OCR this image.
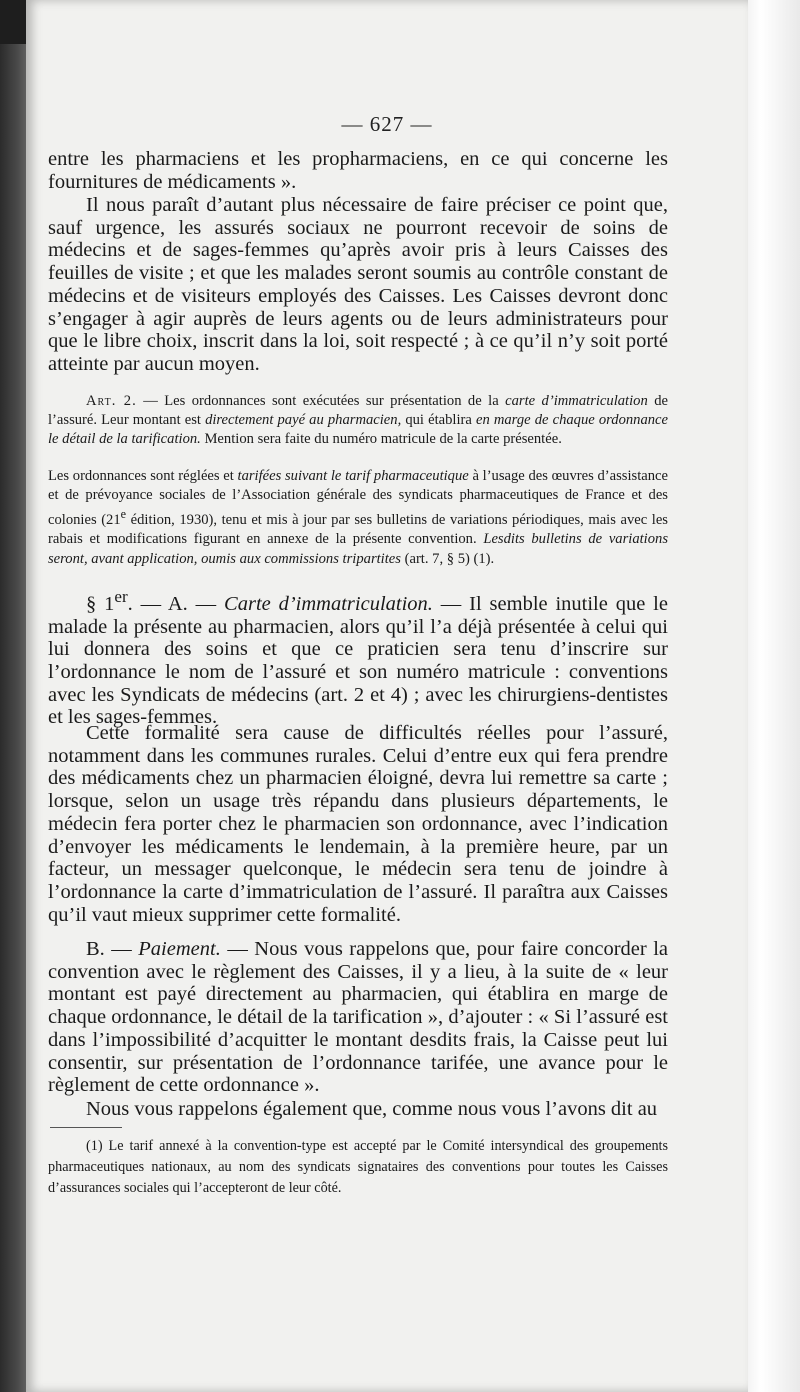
— 627 —

entre les pharmaciens et les propharmaciens, en ce qui concerne les fournitures de médicaments ».

Il nous paraît d’autant plus nécessaire de faire préciser ce point que, sauf urgence, les assurés sociaux ne pourront recevoir de soins de médecins et de sages-femmes qu’après avoir pris à leurs Caisses des feuilles de visite ; et que les malades seront soumis au contrôle constant de médecins et de visiteurs employés des Caisses. Les Caisses devront donc s’engager à agir auprès de leurs agents ou de leurs administrateurs pour que le libre choix, inscrit dans la loi, soit respecté ; à ce qu’il n’y soit porté atteinte par aucun moyen.

Art. 2. — Les ordonnances sont exécutées sur présentation de la carte d’immatriculation de l’assuré. Leur montant est directement payé au pharmacien, qui établira en marge de chaque ordonnance le détail de la tarification. Mention sera faite du numéro matricule de la carte présentée.

Les ordonnances sont réglées et tarifées suivant le tarif pharmaceutique à l’usage des œuvres d’assistance et de prévoyance sociales de l’Association générale des syndicats pharmaceutiques de France et des colonies (21e édition, 1930), tenu et mis à jour par ses bulletins de variations périodiques, mais avec les rabais et modifications figurant en annexe de la présente convention. Lesdits bulletins de variations seront, avant application, oumis aux commissions tripartites (art. 7, § 5) (1).

§ 1er. — A. — Carte d’immatriculation. — Il semble inutile que le malade la présente au pharmacien, alors qu’il l’a déjà présentée à celui qui lui donnera des soins et que ce praticien sera tenu d’inscrire sur l’ordonnance le nom de l’assuré et son numéro matricule : conventions avec les Syndicats de médecins (art. 2 et 4) ; avec les chirurgiens-dentistes et les sages-femmes.

Cette formalité sera cause de difficultés réelles pour l’assuré, notamment dans les communes rurales. Celui d’entre eux qui fera prendre des médicaments chez un pharmacien éloigné, devra lui remettre sa carte ; lorsque, selon un usage très répandu dans plusieurs départements, le médecin fera porter chez le pharmacien son ordonnance, avec l’indication d’envoyer les médicaments le lendemain, à la première heure, par un facteur, un messager quelconque, le médecin sera tenu de joindre à l’ordonnance la carte d’immatriculation de l’assuré. Il paraîtra aux Caisses qu’il vaut mieux supprimer cette formalité.

B. — Paiement. — Nous vous rappelons que, pour faire concorder la convention avec le règlement des Caisses, il y a lieu, à la suite de « leur montant est payé directement au pharmacien, qui établira en marge de chaque ordonnance, le détail de la tarification », d’ajouter : « Si l’assuré est dans l’impossibilité d’acquitter le montant desdits frais, la Caisse peut lui consentir, sur présentation de l’ordonnance tarifée, une avance pour le règlement de cette ordonnance ».

Nous vous rappelons également que, comme nous vous l’avons dit au

(1) Le tarif annexé à la convention-type est accepté par le Comité intersyndical des groupements pharmaceutiques nationaux, au nom des syndicats signataires des conventions pour toutes les Caisses d’assurances sociales qui l’accepteront de leur côté.
